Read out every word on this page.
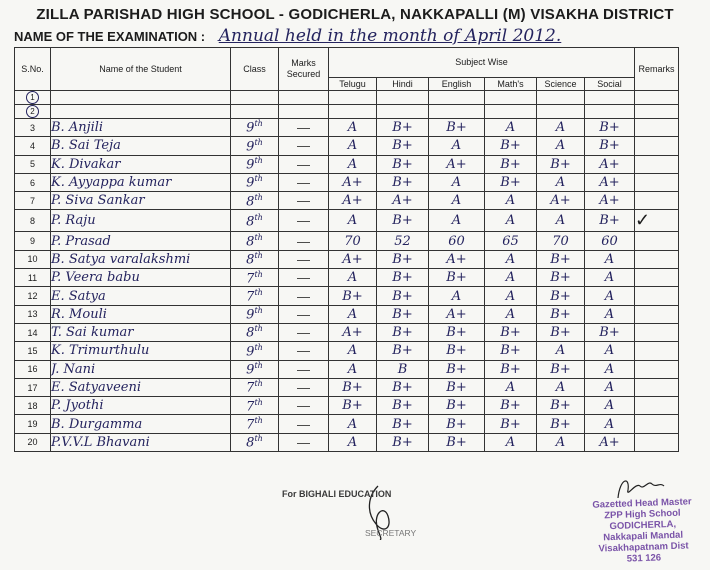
ZILLA PARISHAD HIGH SCHOOL - GODICHERLA, NAKKAPALLI (M) VISAKHA DISTRICT
NAME OF THE EXAMINATION : Annual held in the month of April 2012.
S.No.	Name of the Student	Class	Marks Secured	Subject Wise						Remarks
				Telugu	Hindi	English	Math's	Science	Social	
1										
2										
3	B. Anjili	9th	—	A	B+	B+	A	A	B+	
4	B. Sai Teja	9th	—	A	B+	A	B+	A	B+	
5	K. Divakar	9th	—	A	B+	A+	B+	B+	A+	
6	K. Ayyappa kumar	9th	—	A+	B+	A	B+	A	A+	
7	P. Siva Sankar	8th	—	A+	A+	A	A	A+	A+	
8	P. Raju	8th	—	A	B+	A	A	A	B+	✓
9	P. Prasad	8th	—	70	52	60	65	70	60	
10	B. Satya varalakshmi	8th	—	A+	B+	A+	A	B+	A	
11	P. Veera babu	7th	—	A	B+	B+	A	B+	A	
12	E. Satya	7th	—	B+	B+	A	A	B+	A	
13	R. Mouli	9th	—	A	B+	A+	A	B+	A	
14	T. Sai kumar	8th	—	A+	B+	B+	B+	B+	B+	
15	K. Trimurthulu	9th	—	A	B+	B+	B+	A	A	
16	J. Nani	9th	—	A	B	B+	B+	B+	A	
17	E. Satyaveeni	7th	—	B+	B+	B+	A	A	A	
18	P. Jyothi	7th	—	B+	B+	B+	B+	B+	A	
19	B. Durgamma	7th	—	A	B+	B+	B+	B+	A	
20	P.V.V.L Bhavani	8th	—	A	B+	B+	A	A	A+	
For BIGHALI EDUCATION
SECRETARY
Gazetted Head Master
ZPP High School
GODICHERLA,
Nakkapali Mandal
Visakhapatnam Dist
531 126
